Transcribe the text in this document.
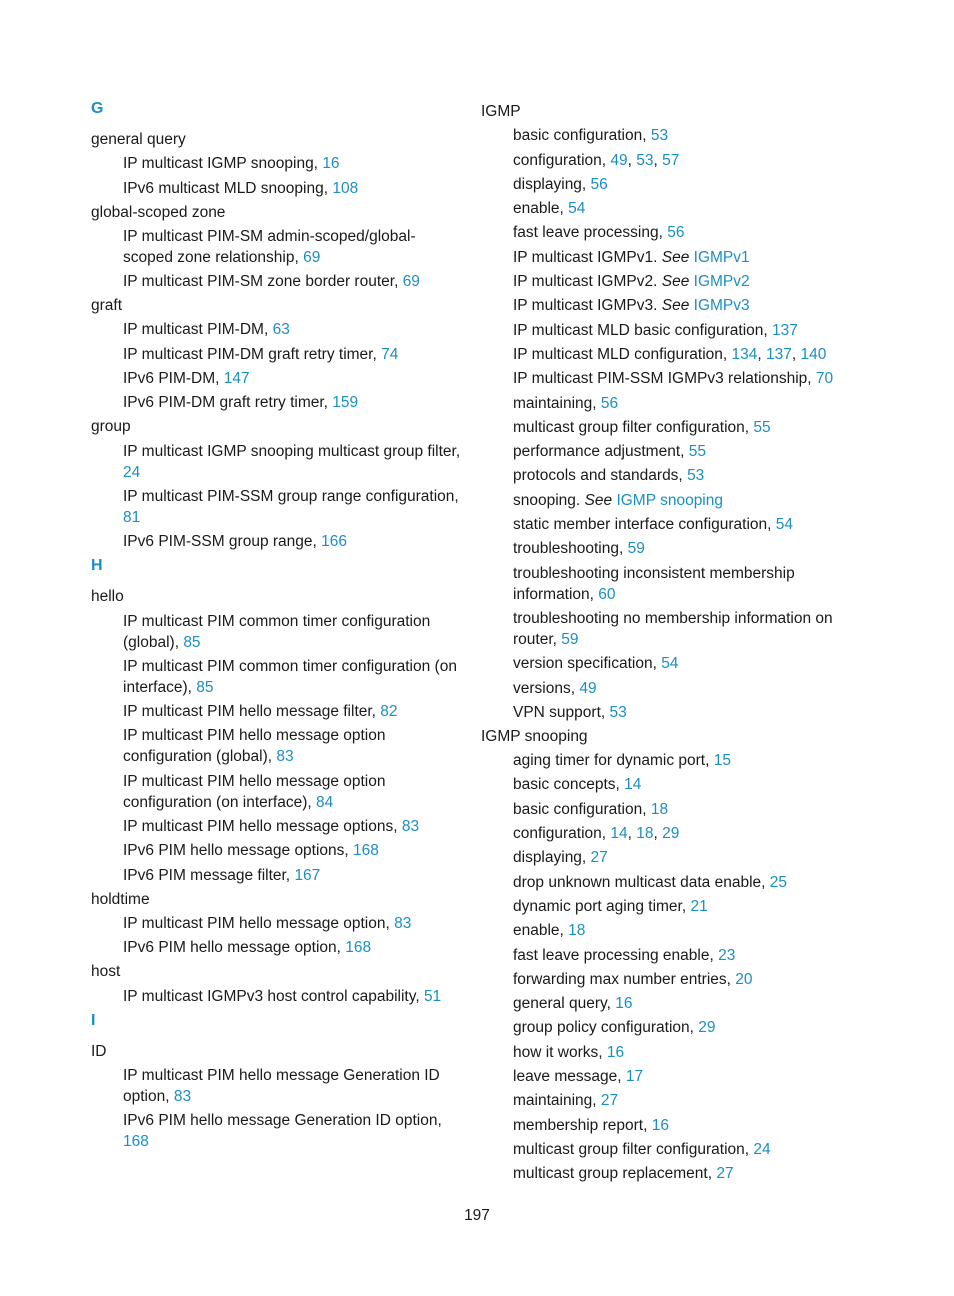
G
general query
IP multicast IGMP snooping, 16
IPv6 multicast MLD snooping, 108
global-scoped zone
IP multicast PIM-SM admin-scoped/global-scoped zone relationship, 69
IP multicast PIM-SM zone border router, 69
graft
IP multicast PIM-DM, 63
IP multicast PIM-DM graft retry timer, 74
IPv6 PIM-DM, 147
IPv6 PIM-DM graft retry timer, 159
group
IP multicast IGMP snooping multicast group filter, 24
IP multicast PIM-SSM group range configuration, 81
IPv6 PIM-SSM group range, 166
H
hello
IP multicast PIM common timer configuration (global), 85
IP multicast PIM common timer configuration (on interface), 85
IP multicast PIM hello message filter, 82
IP multicast PIM hello message option configuration (global), 83
IP multicast PIM hello message option configuration (on interface), 84
IP multicast PIM hello message options, 83
IPv6 PIM hello message options, 168
IPv6 PIM message filter, 167
holdtime
IP multicast PIM hello message option, 83
IPv6 PIM hello message option, 168
host
IP multicast IGMPv3 host control capability, 51
I
ID
IP multicast PIM hello message Generation ID option, 83
IPv6 PIM hello message Generation ID option, 168
IGMP
basic configuration, 53
configuration, 49, 53, 57
displaying, 56
enable, 54
fast leave processing, 56
IP multicast IGMPv1. See IGMPv1
IP multicast IGMPv2. See IGMPv2
IP multicast IGMPv3. See IGMPv3
IP multicast MLD basic configuration, 137
IP multicast MLD configuration, 134, 137, 140
IP multicast PIM-SSM IGMPv3 relationship, 70
maintaining, 56
multicast group filter configuration, 55
performance adjustment, 55
protocols and standards, 53
snooping. See IGMP snooping
static member interface configuration, 54
troubleshooting, 59
troubleshooting inconsistent membership information, 60
troubleshooting no membership information on router, 59
version specification, 54
versions, 49
VPN support, 53
IGMP snooping
aging timer for dynamic port, 15
basic concepts, 14
basic configuration, 18
configuration, 14, 18, 29
displaying, 27
drop unknown multicast data enable, 25
dynamic port aging timer, 21
enable, 18
fast leave processing enable, 23
forwarding max number entries, 20
general query, 16
group policy configuration, 29
how it works, 16
leave message, 17
maintaining, 27
membership report, 16
multicast group filter configuration, 24
multicast group replacement, 27
197
